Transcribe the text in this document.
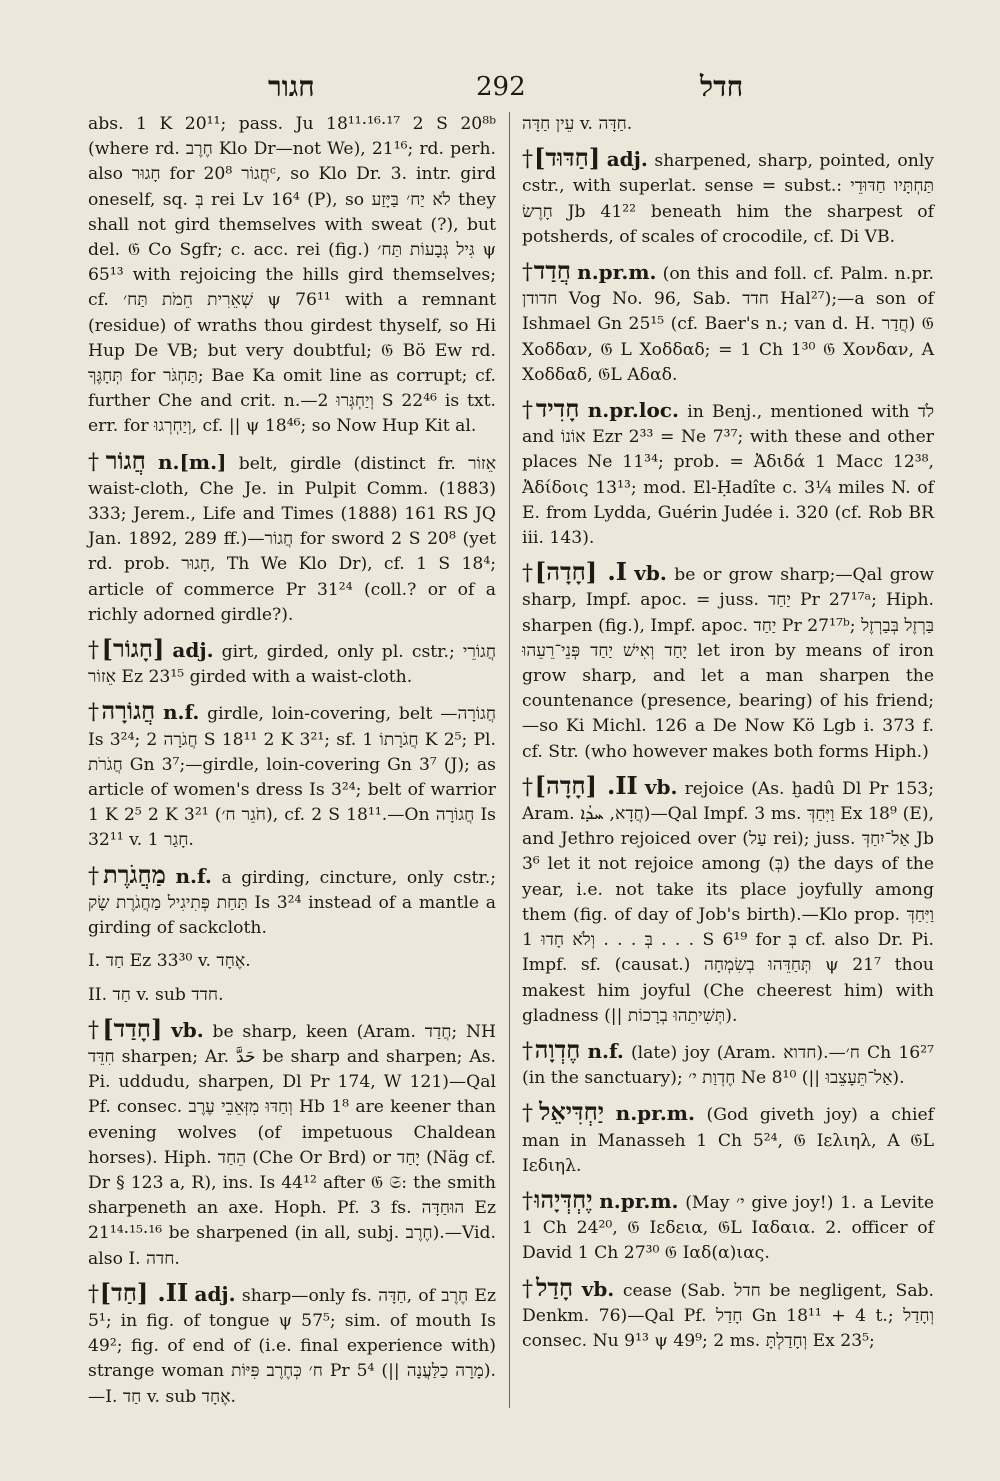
חגור	292	חדל

abs. 1 K 20¹¹; pass. Ju 18¹¹·¹⁶·¹⁷ 2 S 20⁸ᵇ (where rd. חֶרֶב Klo Dr—not We), 21¹⁶; rd. perh. also חָגוּר for חֲגוֹר 20⁸ᶜ, so Klo Dr. 3. intr. gird oneself, sq. בְּ rei Lv 16⁴ (P), so לֹא יַח׳ בַּיָּזַע they shall not gird themselves with sweat (?), but del. 𝔊 Co Sgfr; c. acc. rei (fig.) גִּיל גְּבָעוֹת תַּח׳ ψ 65¹³ with rejoicing the hills gird themselves; cf. שְׁאֵרִית חֵמֹת תַּח׳ ψ 76¹¹ with a remnant (residue) of wraths thou girdest thyself, so Hi Hup De VB; but very doubtful; 𝔊 Bö Ew rd. תְּחָגֶּךָ for תַּחְגֹּר; Bae Ka omit line as corrupt; cf. further Che and crit. n.—וְיַחְגְּרוּ 2 S 22⁴⁶ is txt. err. for וְיַחְרְגוּ, cf. || ψ 18⁴⁶; so Now Hup Kit al.

†חֲגוֹר n.[m.] belt, girdle (distinct fr. אֵזוֹר waist-cloth, Che Je. in Pulpit Comm. (1883) 333; Jerem., Life and Times (1888) 161 RS JQ Jan. 1892, 289 ff.)—חֲגוֹר for sword 2 S 20⁸ (yet rd. prob. חָגוּר, Th We Klo Dr), cf. 1 S 18⁴; article of commerce Pr 31²⁴ (coll.? or of a richly adorned girdle?).

†[חָגוֹר] adj. girt, girded, only pl. cstr.; חֲגוֹרֵי אֵזוֹר Ez 23¹⁵ girded with a waist-cloth.

†חֲגוֹרָה n.f. girdle, loin-covering, belt —חֲגוֹרָה Is 3²⁴; חֲגֹרָה 2 S 18¹¹ 2 K 3²¹; sf. חֲגֹרָתוֹ 1 K 2⁵; Pl. חֲגֹרֹת Gn 3⁷;—girdle, loin-covering Gn 3⁷ (J); as article of women's dress Is 3²⁴; belt of warrior 1 K 2⁵ 2 K 3²¹ (חֹגֵר ח׳), cf. 2 S 18¹¹.—On חֲגוֹרָה Is 32¹¹ v. חָגַר 1.

†מַחֲגֹרֶת n.f. a girding, cincture, only cstr.; תַּחַת פְּתִיגִיל מַחֲגֹרֶת שָׂק Is 3²⁴ instead of a mantle a girding of sackcloth.

I. חַד Ez 33³⁰ v. אֶחָד.

II. חַד v. sub חדד.

†[חָדַד] vb. be sharp, keen (Aram. חֲדַד; NH חִדֵּד sharpen; Ar. حَدَّ be sharp and sharpen; As. Pi. uddudu, sharpen, Dl Pr 174, W 121)—Qal Pf. consec. וְחַדּוּ מִזְּאֵבֵי עֶרֶב Hb 1⁸ are keener than evening wolves (of impetuous Chaldean horses). Hiph. הֵחַד (Che Or Brd) or יָחַד (Näg cf. Dr § 123 a, R), ins. Is 44¹² after 𝔊 𝔖: the smith sharpeneth an axe. Hoph. Pf. 3 fs. הוּחַדָּה Ez 21¹⁴·¹⁵·¹⁶ be sharpened (in all, subj. חֶרֶב).—Vid. also I. חדה.

†II. [חַד] adj. sharp—only fs. חַדָּה, of חֶרֶב Ez 5¹; in fig. of tongue ψ 57⁵; sim. of mouth Is 49²; fig. of end of (i.e. final experience with) strange woman ח׳ כְּחֶרֶב פִּיּוֹת Pr 5⁴ (|| מָרָה כַלַּעֲנָה).—I. חַד v. sub אֶחָד.

עֵין חַדָּה v. חַדָּה.

†[חַדּוּד] adj. sharpened, sharp, pointed, only cstr., with superlat. sense = subst.: תַּחְתָּיו חַדּוּדֵי חָרֶשׂ Jb 41²² beneath him the sharpest of potsherds, of scales of crocodile, cf. Di VB.

†חֲדַד n.pr.m. (on this and foll. cf. Palm. n.pr. חדודן Vog No. 96, Sab. חדד Hal²⁷);—a son of Ishmael Gn 25¹⁵ (cf. Baer's n.; van d. H. חֲדַר) 𝔊 Χοδδαν, 𝔊 L Χοδδαδ; = 1 Ch 1³⁰ 𝔊 Χονδαν, A Χοδδαδ, 𝔊L Αδαδ.

†חָדִיד n.pr.loc. in Benj., mentioned with לֹד and אוֹנוֹ Ezr 2³³ = Ne 7³⁷; with these and other places Ne 11³⁴; prob. = Ἀδιδά 1 Macc 12³⁸, Ἀδίδοις 13¹³; mod. El-Ḥadîte c. 3¼ miles N. of E. from Lydda, Guérin Judée i. 320 (cf. Rob BR iii. 143).

†I. [חָדָה] vb. be or grow sharp;—Qal grow sharp, Impf. apoc. = juss. יַחַד Pr 27¹⁷ᵃ; Hiph. sharpen (fig.), Impf. apoc. יַחַד Pr 27¹⁷ᵇ; בַּרְזֶל בְּבַרְזֶל יָחַד וְאִישׁ יַחַד פְּנֵי־רֵעֵהוּ let iron by means of iron grow sharp, and let a man sharpen the countenance (presence, bearing) of his friend;—so Ki Michl. 126 a De Now Kö Lgb i. 373 f. cf. Str. (who however makes both forms Hiph.)

†II. [חָדָה] vb. rejoice (As. ḫadû Dl Pr 153; Aram. חֲדָא, ܚܕܳܐ)—Qal Impf. 3 ms. וַיִּחַדְּ Ex 18⁹ (E), and Jethro rejoiced over (עַל rei); juss. אַל־יִחַדְּ Jb 3⁶ let it not rejoice among (בְּ) the days of the year, i.e. not take its place joyfully among them (fig. of day of Job's birth).—Klo prop. וַיִּחַדְּ . . . בְּ . . . וְלֹא חָדוּ 1 S 6¹⁹ for בְּ cf. also Dr. Pi. Impf. sf. (causat.) תְּחַדֵּהוּ בְשִׂמְחָה ψ 21⁷ thou makest him joyful (Che cheerest him) with gladness (|| תְּשִׁיתֵהוּ בְרָכוֹת).

†חֶדְוָה n.f. (late) joy (Aram. חדוא).—ח׳ Ch 16²⁷ (in the sanctuary); חֶדְוַת י׳ Ne 8¹⁰ (|| אַל־תֵּעָצֵבוּ).

†יַחְדִּיאֵל n.pr.m. (God giveth joy) a chief man in Manasseh 1 Ch 5²⁴, 𝔊 Ιελιηλ, A 𝔊L Ιεδιηλ.

†יֶחְדְּיָהוּ n.pr.m. (May י׳ give joy!) 1. a Levite 1 Ch 24²⁰, 𝔊 Ιεδεια, 𝔊L Ιαδαια. 2. officer of David 1 Ch 27³⁰ 𝔊 Ιαδ(α)ιας.

†חָדַל vb. cease (Sab. חדל be negligent, Sab. Denkm. 76)—Qal Pf. חָדַל Gn 18¹¹ + 4 t.; וְחָדַל consec. Nu 9¹³ ψ 49⁹; 2 ms. וְחָדַלְתָּ Ex 23⁵;
